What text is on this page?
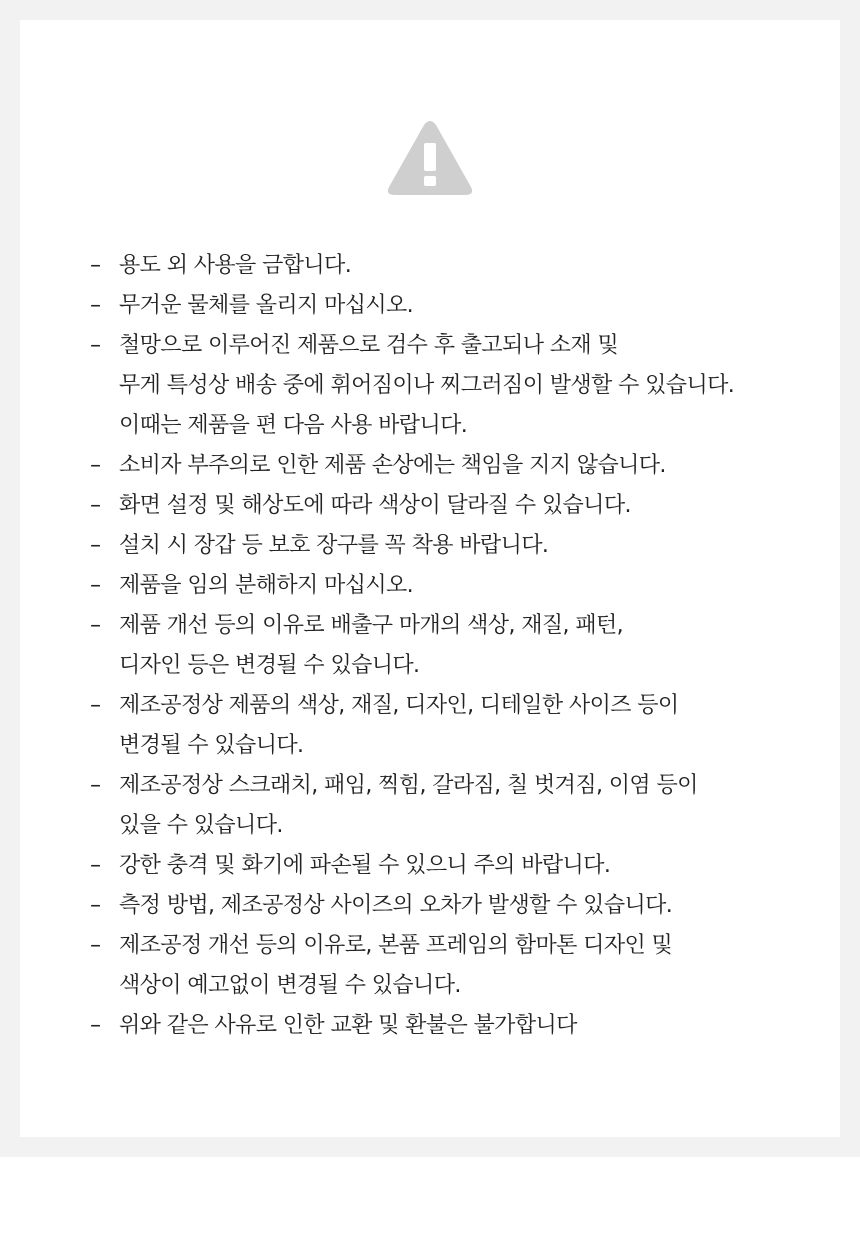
– 용도 외 사용을 금합니다.
– 무거운 물체를 올리지 마십시오.
– 철망으로 이루어진 제품으로 검수 후 출고되나 소재 및
무게 특성상 배송 중에 휘어짐이나 찌그러짐이 발생할 수 있습니다.
이때는 제품을 편 다음 사용 바랍니다.
– 소비자 부주의로 인한 제품 손상에는 책임을 지지 않습니다.
– 화면 설정 및 해상도에 따라 색상이 달라질 수 있습니다.
– 설치 시 장갑 등 보호 장구를 꼭 착용 바랍니다.
– 제품을 임의 분해하지 마십시오.
– 제품 개선 등의 이유로 배출구 마개의 색상, 재질, 패턴,
디자인 등은 변경될 수 있습니다.
– 제조공정상 제품의 색상, 재질, 디자인, 디테일한 사이즈 등이
변경될 수 있습니다.
– 제조공정상 스크래치, 패임, 찍힘, 갈라짐, 칠 벗겨짐, 이염 등이
있을 수 있습니다.
– 강한 충격 및 화기에 파손될 수 있으니 주의 바랍니다.
– 측정 방법, 제조공정상 사이즈의 오차가 발생할 수 있습니다.
– 제조공정 개선 등의 이유로, 본품 프레임의 함마톤 디자인 및
색상이 예고없이 변경될 수 있습니다.
– 위와 같은 사유로 인한 교환 및 환불은 불가합니다
